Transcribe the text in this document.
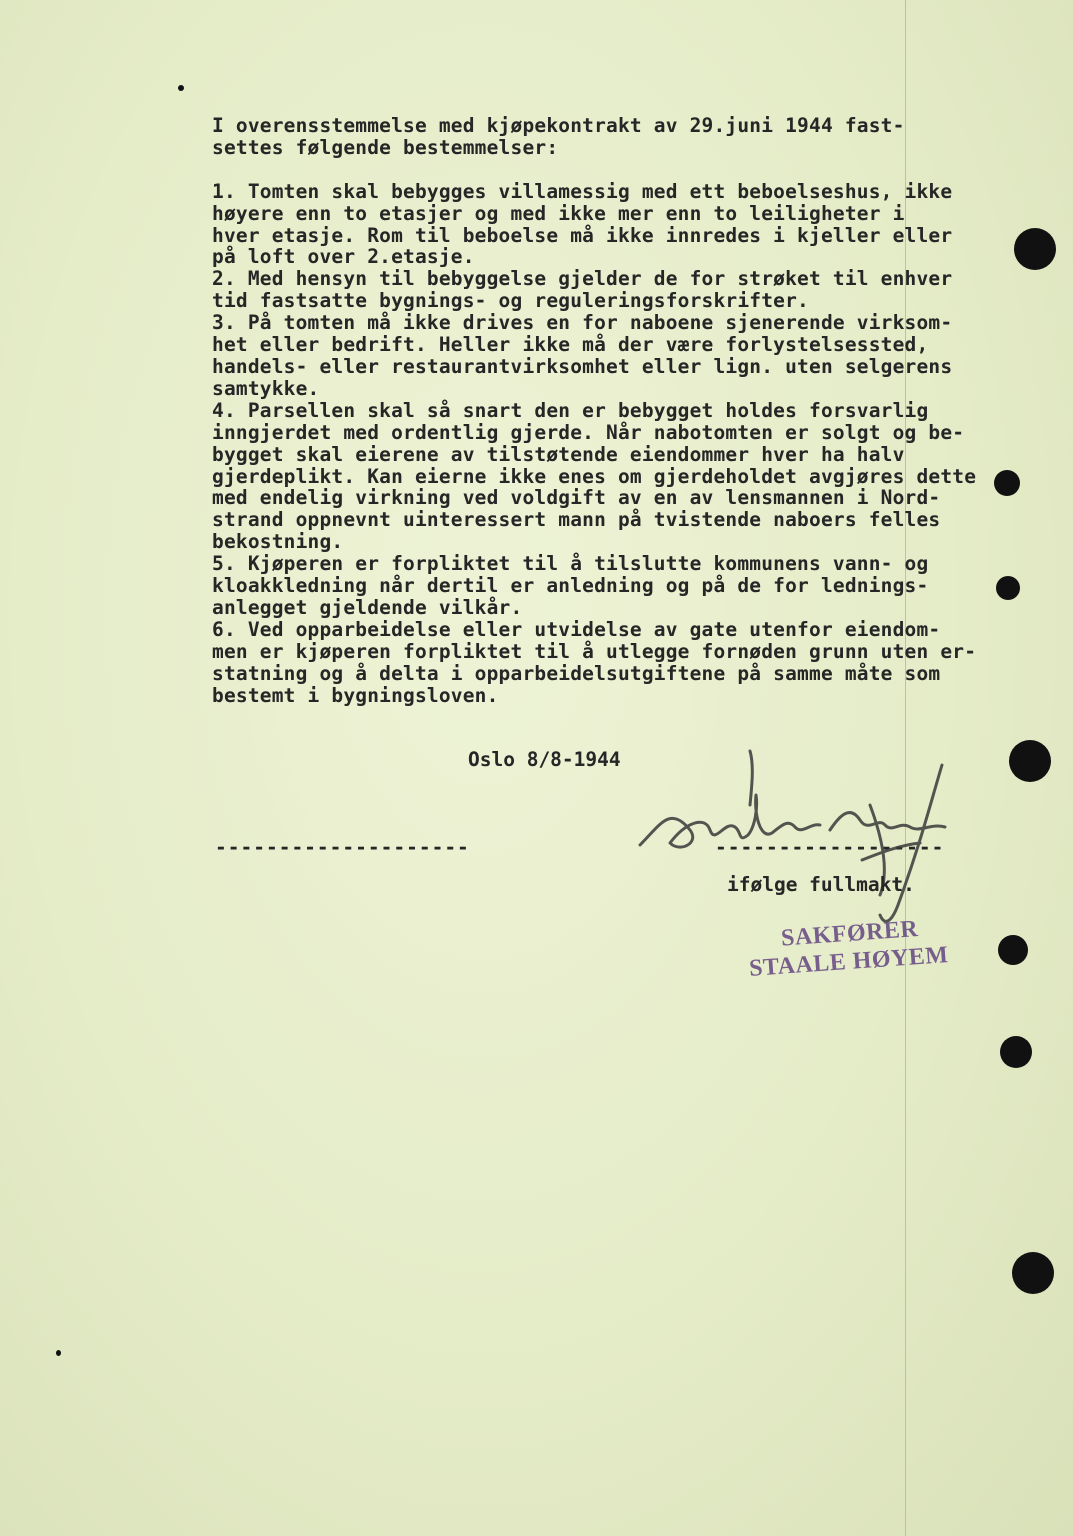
I overensstemmelse med kjøpekontrakt av 29.juni 1944 fast-
settes følgende bestemmelser:

1. Tomten skal bebygges villamessig med ett beboelseshus, ikke
høyere enn to etasjer og med ikke mer enn to leiligheter i
hver etasje. Rom til beboelse må ikke innredes i kjeller eller
på loft over 2.etasje.
2. Med hensyn til bebyggelse gjelder de for strøket til enhver
tid fastsatte bygnings- og reguleringsforskrifter.
3. På tomten må ikke drives en for naboene sjenerende virksom-
het eller bedrift. Heller ikke må der være forlystelsessted,
handels- eller restaurantvirksomhet eller lign. uten selgerens
samtykke.
4. Parsellen skal så snart den er bebygget holdes forsvarlig
inngjerdet med ordentlig gjerde. Når nabotomten er solgt og be-
bygget skal eierene av tilstøtende eiendommer hver ha halv
gjerdeplikt. Kan eierne ikke enes om gjerdeholdet avgjøres dette
med endelig virkning ved voldgift av en av lensmannen i Nord-
strand oppnevnt uinteressert mann på tvistende naboers felles
bekostning.
5. Kjøperen er forpliktet til å tilslutte kommunens vann- og
kloakkledning når dertil er anledning og på de for lednings-
anlegget gjeldende vilkår.
6. Ved opparbeidelse eller utvidelse av gate utenfor eiendom-
men er kjøperen forpliktet til å utlegge fornøden grunn uten er-
statning og å delta i opparbeidelsutgiftene på samme måte som
bestemt i bygningsloven.
Oslo 8/8-1944
--------------------	------------------
ifølge fullmakt.
SAKFØRER
STAALE HØYEM
